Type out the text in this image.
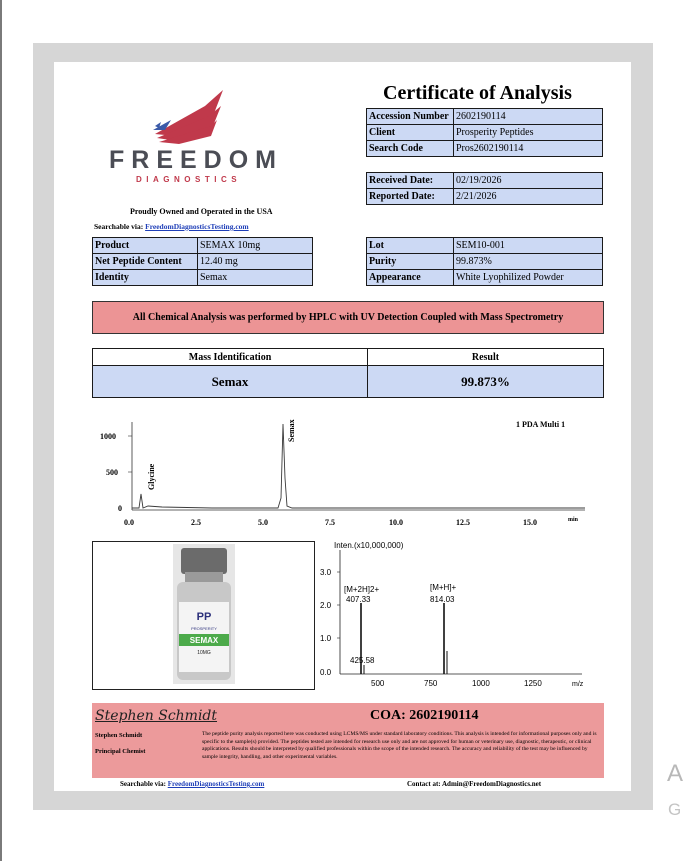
A
G
FREEDOM
DIAGNOSTICS
Proudly Owned and Operated in the USA
Searchable via: FreedomDiagnosticsTesting.com
Certificate of Analysis
Accession Number	2602190114
Client	Prosperity Peptides
Search Code	Pros2602190114
Received Date:	02/19/2026
Reported Date:	2/21/2026
Product	SEMAX 10mg
Net Peptide Content	12.40 mg
Identity	Semax
Lot	SEM10-001
Purity	99.873%
Appearance	White Lyophilized Powder
All Chemical Analysis was performed by HPLC with UV Detection Coupled with Mass Spectrometry
Mass Identification	Result
Semax	99.873%
1 PDA Multi 1
1000
500
0
0.0	2.5	5.0	7.5	10.0	12.5	15.0	min
Glycine
Semax
PP
PROSPERITY
SEMAX
10MG
Inten.(x10,000,000)
3.0
2.0
1.0
0.0
500	750	1000	1250	m/z
[M+2H]2+
407.33
[M+H]+
814.03
425.58
Stephen Schmidt	COA: 2602190114
Stephen Schmidt
Principal Chemist
The peptide purity analysis reported here was conducted using LCMS/MS under standard laboratory conditions. This analysis is intended for informational purposes only and is specific to the sample(s) provided. The peptides tested are intended for research use only and are not approved for human or veterinary use, diagnostic, therapeutic, or clinical applications. Results should be interpreted by qualified professionals within the scope of the intended research. The accuracy and reliability of the test may be influenced by sample integrity, handling, and other experimental variables.
Searchable via: FreedomDiagnosticsTesting.com	Contact at: Admin@FreedomDiagnostics.net
